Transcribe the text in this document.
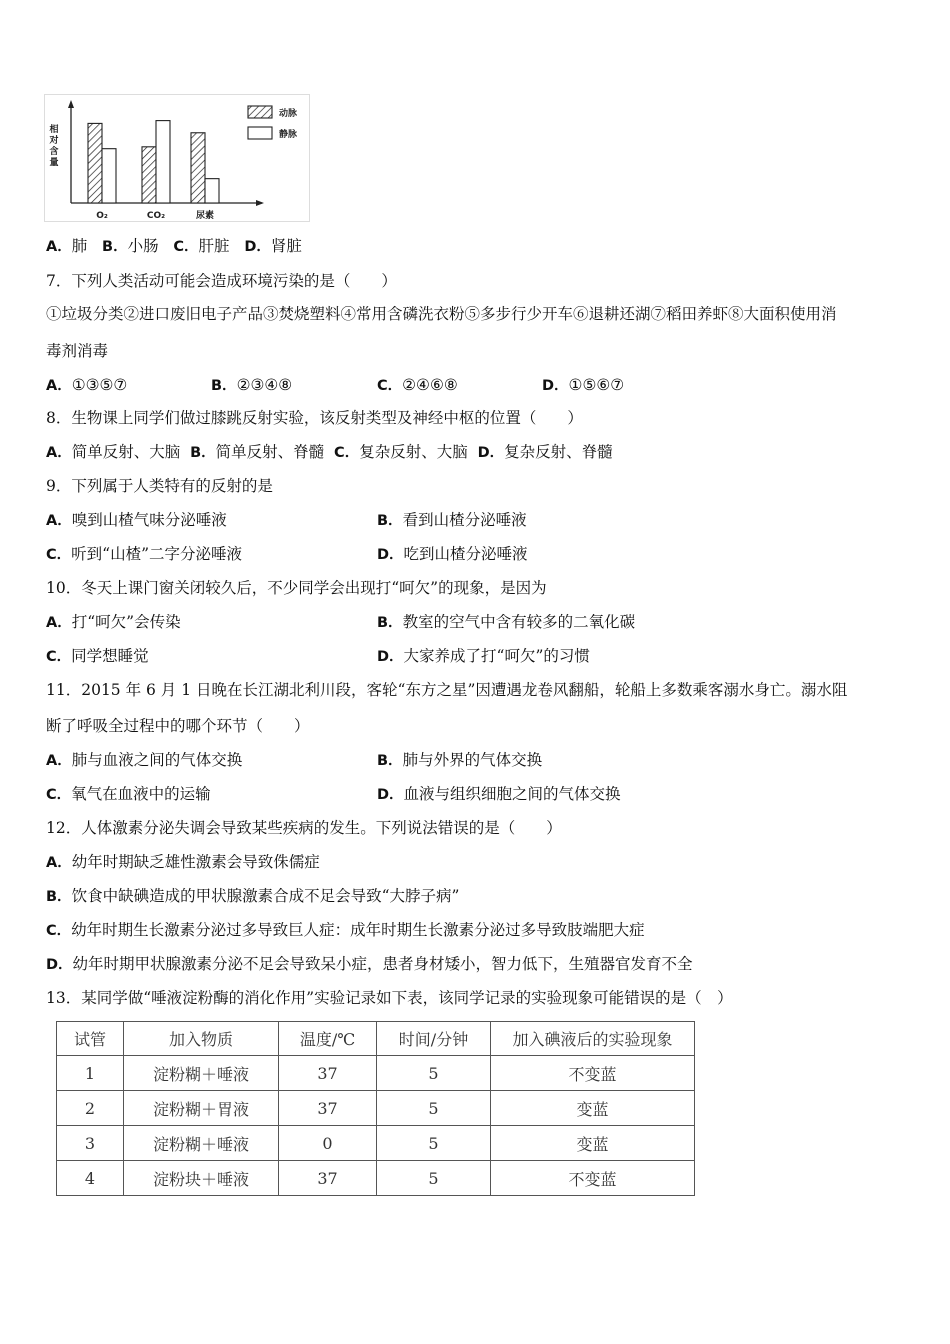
相对含量
O₂	CO₂	尿素
动脉
静脉
A．肺 B．小肠 C．肝脏 D．肾脏
7．下列人类活动可能会造成环境污染的是（　　）
①垃圾分类②进口废旧电子产品③焚烧塑料④常用含磷洗衣粉⑤多步行少开车⑥退耕还湖⑦稻田养虾⑧大面积使用消
毒剂消毒
A．①③⑤⑦	B．②③④⑧	C．②④⑥⑧	D．①⑤⑥⑦
8．生物课上同学们做过膝跳反射实验，该反射类型及神经中枢的位置（　　）
A．简单反射、大脑 B．简单反射、脊髓 C．复杂反射、大脑 D．复杂反射、脊髓
9．下列属于人类特有的反射的是
A．嗅到山楂气味分泌唾液	B．看到山楂分泌唾液
C．听到“山楂”二字分泌唾液	D．吃到山楂分泌唾液
10．冬天上课门窗关闭较久后，不少同学会出现打“呵欠”的现象，是因为
A．打“呵欠”会传染	B．教室的空气中含有较多的二氧化碳
C．同学想睡觉	D．大家养成了打“呵欠”的习惯
11．2015 年 6 月 1 日晚在长江湖北利川段，客轮“东方之星”因遭遇龙卷风翻船，轮船上多数乘客溺水身亡。溺水阻
断了呼吸全过程中的哪个环节（　　）
A．肺与血液之间的气体交换	B．肺与外界的气体交换
C．氧气在血液中的运输	D．血液与组织细胞之间的气体交换
12．人体激素分泌失调会导致某些疾病的发生。下列说法错误的是（　　）
A．幼年时期缺乏雄性激素会导致侏儒症
B．饮食中缺碘造成的甲状腺激素合成不足会导致“大脖子病”
C．幼年时期生长激素分泌过多导致巨人症：成年时期生长激素分泌过多导致肢端肥大症
D．幼年时期甲状腺激素分泌不足会导致呆小症，患者身材矮小，智力低下，生殖器官发育不全
13．某同学做“唾液淀粉酶的消化作用”实验记录如下表，该同学记录的实验现象可能错误的是（　）
试管	加入物质	温度/℃	时间/分钟	加入碘液后的实验现象
1	淀粉糊＋唾液	37	5	不变蓝
2	淀粉糊＋胃液	37	5	变蓝
3	淀粉糊＋唾液	0	5	变蓝
4	淀粉块＋唾液	37	5	不变蓝
